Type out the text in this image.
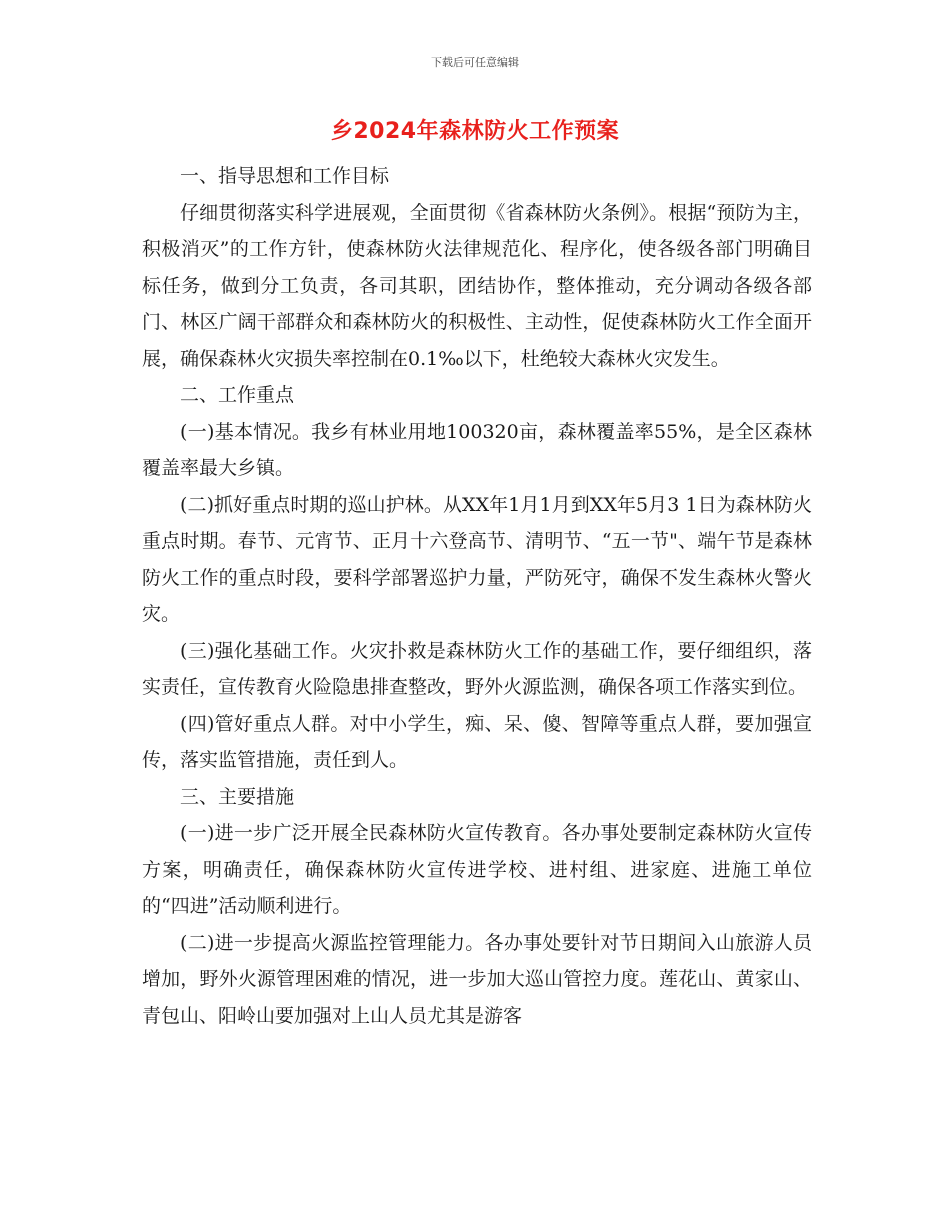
下载后可任意编辑
乡2024年森林防火工作预案

一、指导思想和工作目标

仔细贯彻落实科学进展观，全面贯彻《省森林防火条例》。根据“预防为主，积极消灭”的工作方针，使森林防火法律规范化、程序化，使各级各部门明确目标任务，做到分工负责，各司其职，团结协作，整体推动，充分调动各级各部门、林区广阔干部群众和森林防火的积极性、主动性，促使森林防火工作全面开展，确保森林火灾损失率控制在0.1‰以下，杜绝较大森林火灾发生。

二、工作重点

(一)基本情况。我乡有林业用地100320亩，森林覆盖率55%，是全区森林覆盖率最大乡镇。

(二)抓好重点时期的巡山护林。从XX年1月1月到XX年5月3 1日为森林防火重点时期。春节、元宵节、正月十六登高节、清明节、“五一节"、端午节是森林防火工作的重点时段，要科学部署巡护力量，严防死守，确保不发生森林火警火灾。

(三)强化基础工作。火灾扑救是森林防火工作的基础工作，要仔细组织，落实责任，宣传教育火险隐患排查整改，野外火源监测，确保各项工作落实到位。

(四)管好重点人群。对中小学生，痴、呆、傻、智障等重点人群，要加强宣传，落实监管措施，责任到人。

三、主要措施

(一)进一步广泛开展全民森林防火宣传教育。各办事处要制定森林防火宣传方案，明确责任，确保森林防火宣传进学校、进村组、进家庭、进施工单位的“四进”活动顺利进行。

(二)进一步提高火源监控管理能力。各办事处要针对节日期间入山旅游人员增加，野外火源管理困难的情况，进一步加大巡山管控力度。莲花山、黄家山、青包山、阳岭山要加强对上山人员尤其是游客
